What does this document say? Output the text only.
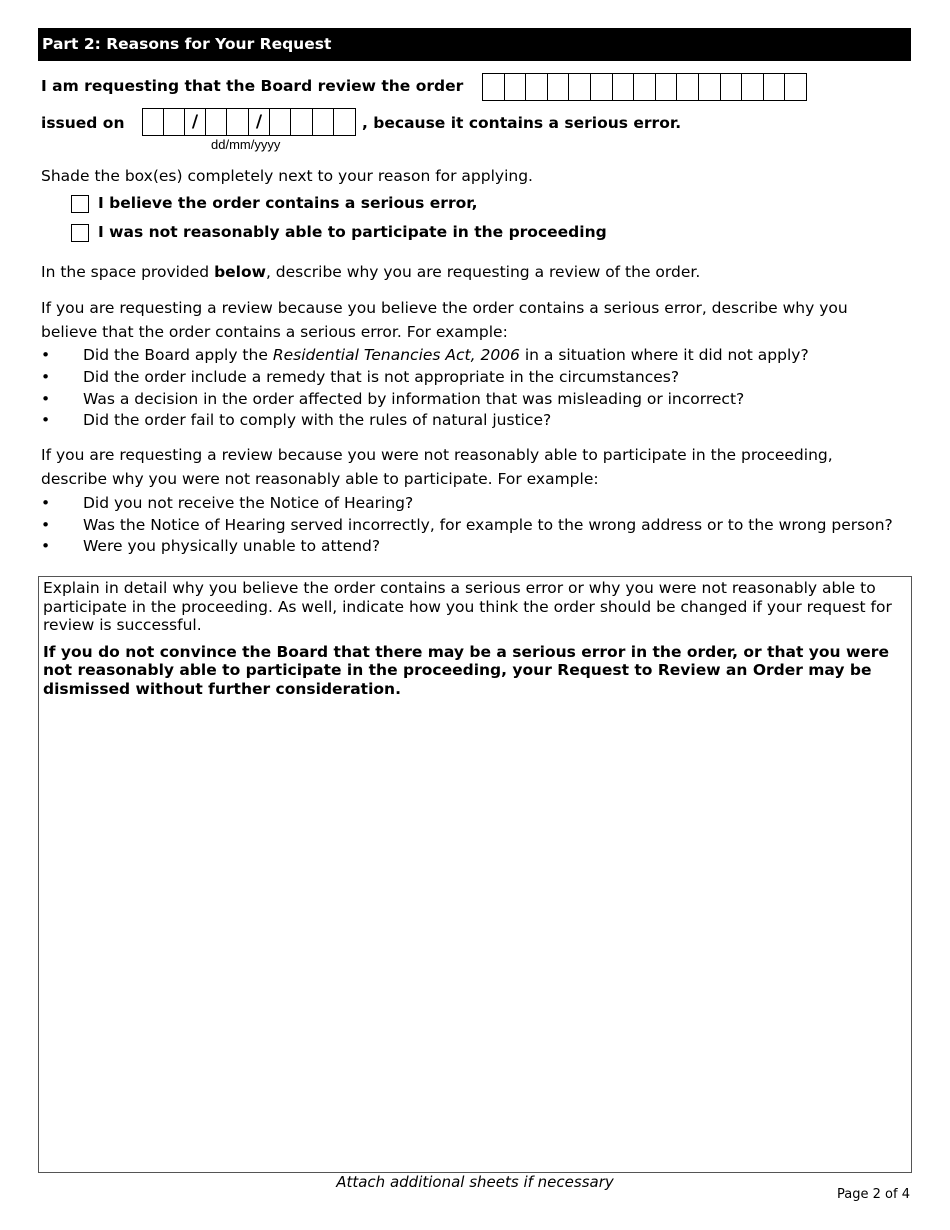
Part 2: Reasons for Your Request
I am requesting that the Board review the order
issued on	/	/	, because it contains a serious error.
dd/mm/yyyy
Shade the box(es) completely next to your reason for applying.
I believe the order contains a serious error,
I was not reasonably able to participate in the proceeding
In the space provided below, describe why you are requesting a review of the order.
If you are requesting a review because you believe the order contains a serious error, describe why you believe that the order contains a serious error. For example:
• Did the Board apply the Residential Tenancies Act, 2006 in a situation where it did not apply?
• Did the order include a remedy that is not appropriate in the circumstances?
• Was a decision in the order affected by information that was misleading or incorrect?
• Did the order fail to comply with the rules of natural justice?
If you are requesting a review because you were not reasonably able to participate in the proceeding, describe why you were not reasonably able to participate. For example:
• Did you not receive the Notice of Hearing?
• Was the Notice of Hearing served incorrectly, for example to the wrong address or to the wrong person?
• Were you physically unable to attend?

Explain in detail why you believe the order contains a serious error or why you were not reasonably able to participate in the proceeding. As well, indicate how you think the order should be changed if your request for review is successful.

If you do not convince the Board that there may be a serious error in the order, or that you were not reasonably able to participate in the proceeding, your Request to Review an Order may be dismissed without further consideration.

Attach additional sheets if necessary
Page 2 of 4
